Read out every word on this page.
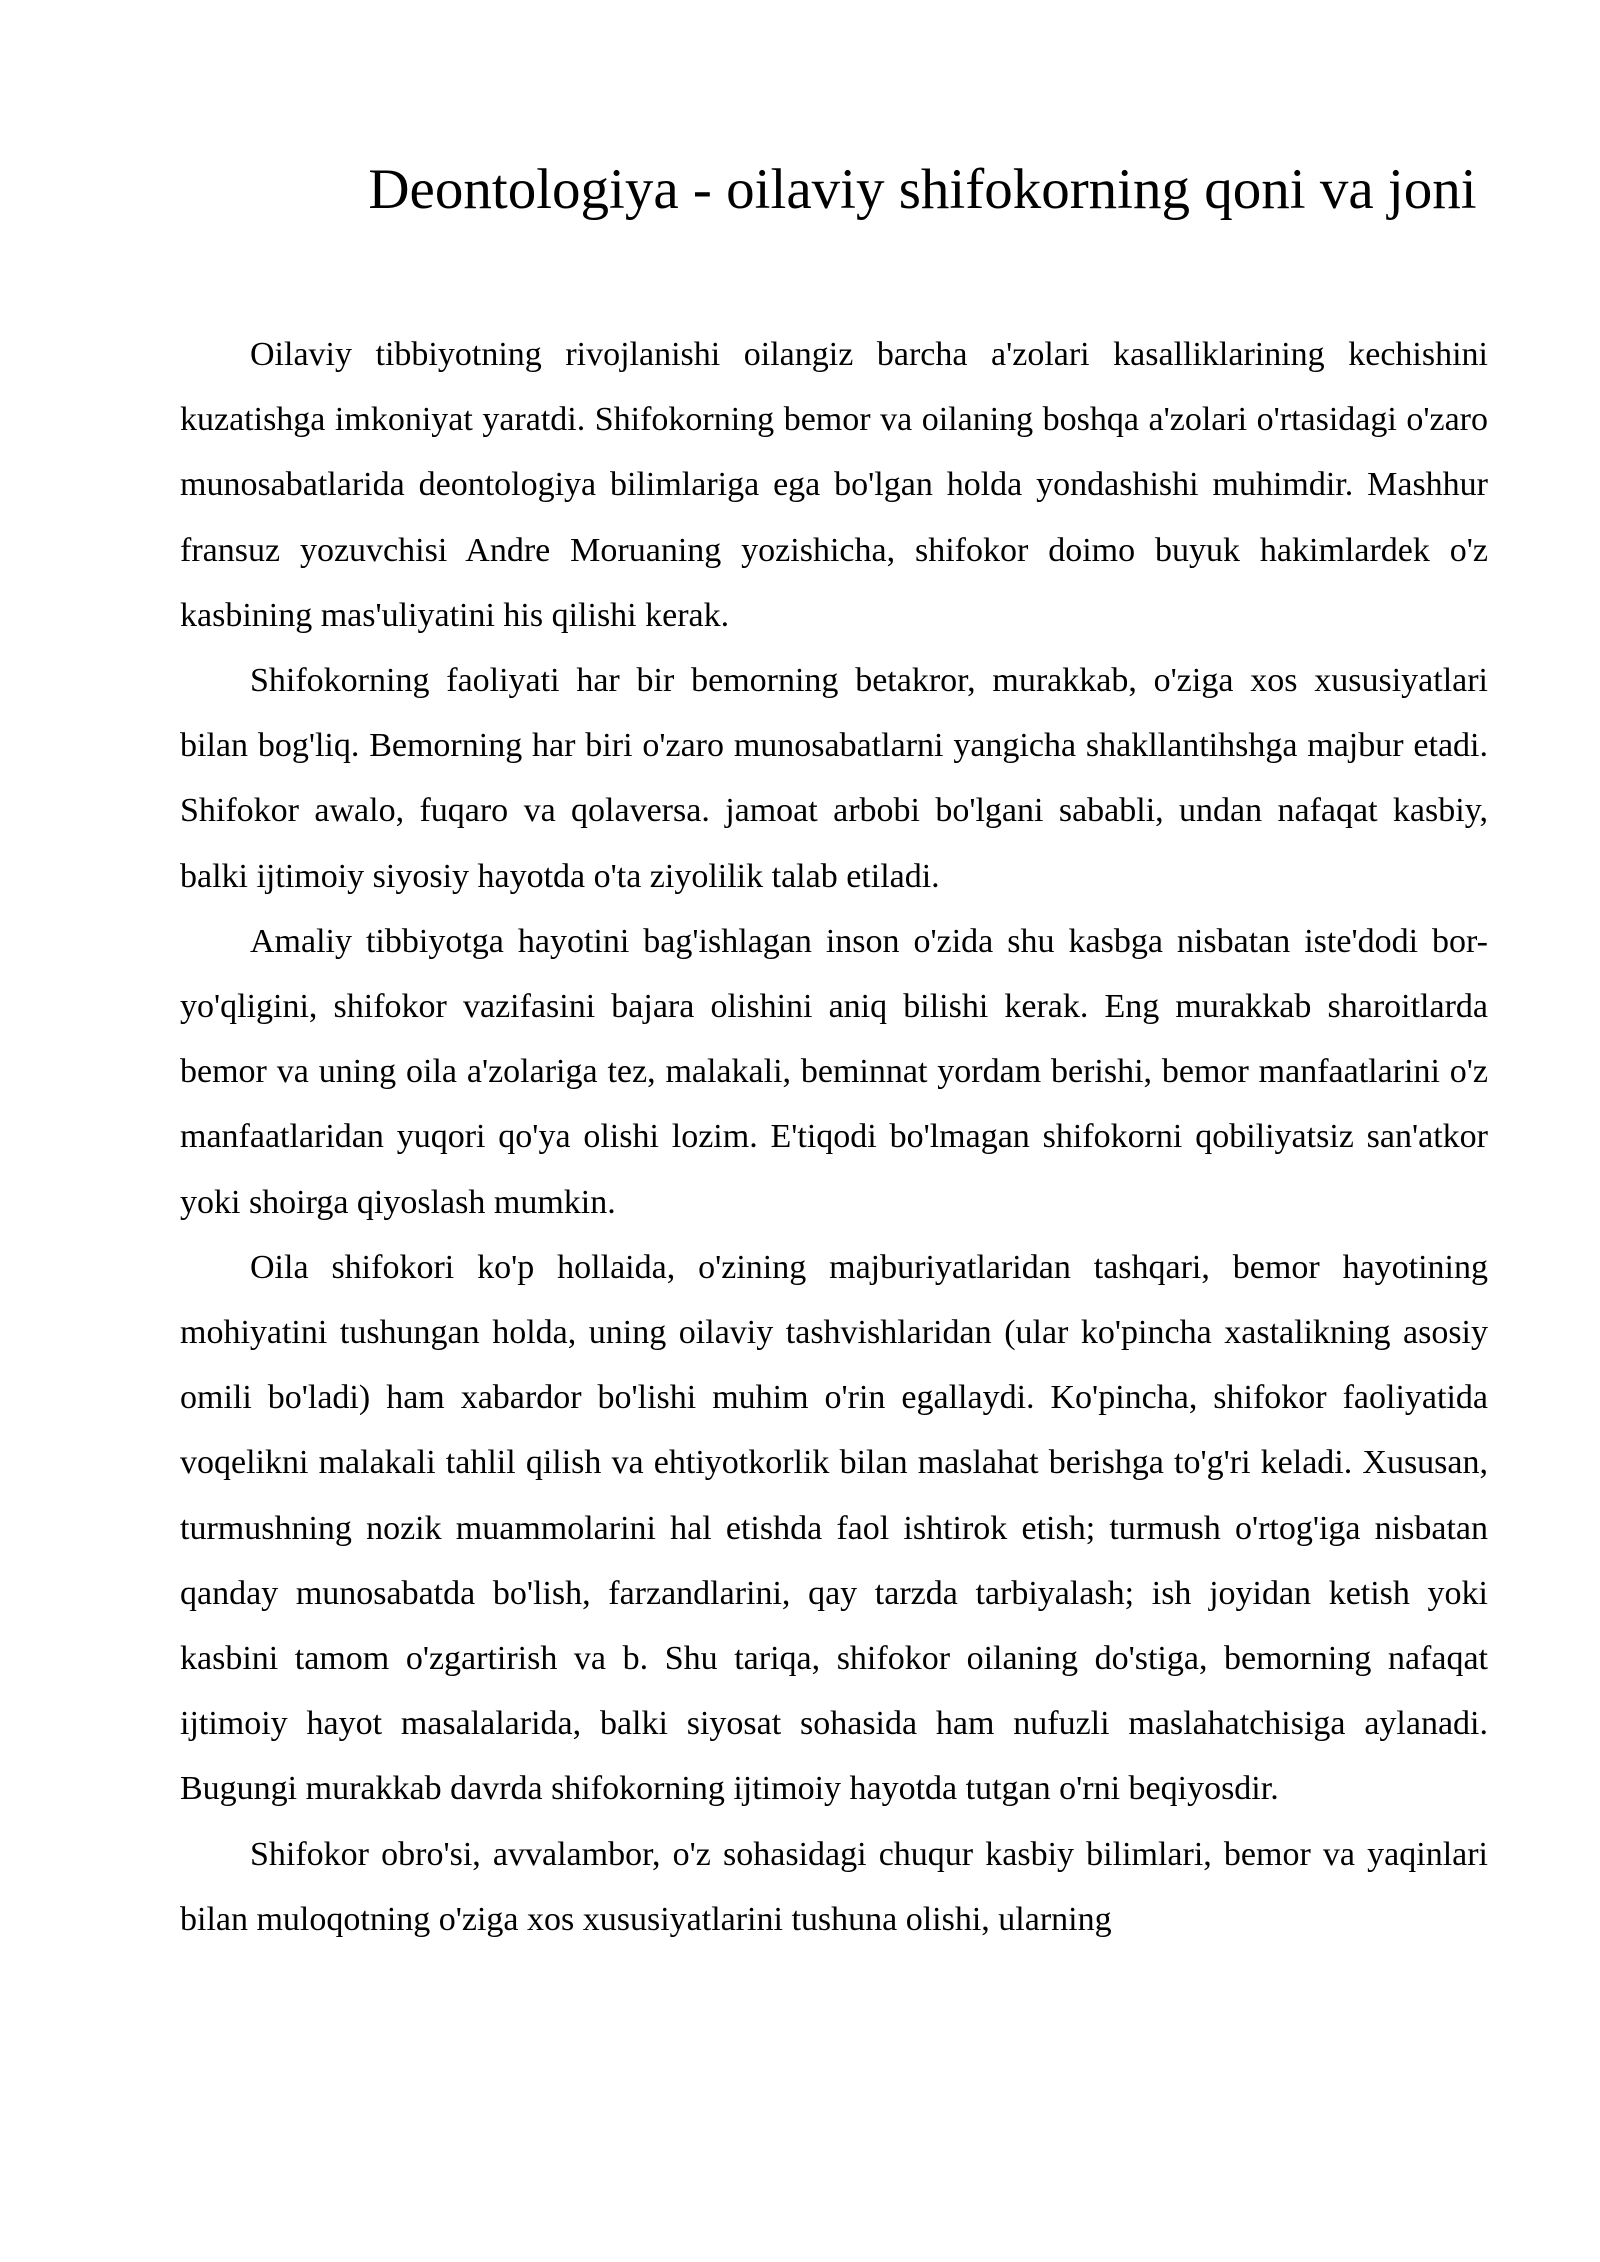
Deontologiya - oilaviy shifokorning qoni va joni

Oilaviy tibbiyotning rivojlanishi oilangiz barcha a'zolari kasalliklarining kechishini kuzatishga imkoniyat yaratdi. Shifokorning bemor va oilaning boshqa a'zolari o'rtasidagi o'zaro munosabatlarida deontologiya bilimlariga ega bo'lgan holda yondashishi muhimdir. Mashhur fransuz yozuvchisi Andre Moruaning yozishicha, shifokor doimo buyuk hakimlardek o'z kasbining mas'uliyatini his qilishi kerak.

Shifokorning faoliyati har bir bemorning betakror, murakkab, o'ziga xos xususiyatlari bilan bog'liq. Bemorning har biri o'zaro munosabatlarni yangicha shakllantihshga majbur etadi. Shifokor awalo, fuqaro va qolaversa. jamoat arbobi bo'lgani sababli, undan nafaqat kasbiy, balki ijtimoiy siyosiy hayotda o'ta ziyolilik talab etiladi.

Amaliy tibbiyotga hayotini bag'ishlagan inson o'zida shu kasbga nisbatan iste'dodi bor-yo'qligini, shifokor vazifasini bajara olishini aniq bilishi kerak. Eng murakkab sharoitlarda bemor va uning oila a'zolariga tez, malakali, beminnat yordam berishi, bemor manfaatlarini o'z manfaatlaridan yuqori qo'ya olishi lozim. E'tiqodi bo'lmagan shifokorni qobiliyatsiz san'atkor yoki shoirga qiyoslash mumkin.

Oila shifokori ko'p hollaida, o'zining majburiyatlaridan tashqari, bemor hayotining mohiyatini tushungan holda, uning oilaviy tashvishlaridan (ular ko'pincha xastalikning asosiy omili bo'ladi) ham xabardor bo'lishi muhim o'rin egallaydi. Ko'pincha, shifokor faoliyatida voqelikni malakali tahlil qilish va ehtiyotkorlik bilan maslahat berishga to'g'ri keladi. Xususan, turmushning nozik muammolarini hal etishda faol ishtirok etish; turmush o'rtog'iga nisbatan qanday munosabatda bo'lish, farzandlarini, qay tarzda tarbiyalash; ish joyidan ketish yoki kasbini tamom o'zgartirish va b. Shu tariqa, shifokor oilaning do'stiga, bemorning nafaqat ijtimoiy hayot masalalarida, balki siyosat sohasida ham nufuzli maslahatchisiga aylanadi. Bugungi murakkab davrda shifokorning ijtimoiy hayotda tutgan o'rni beqiyosdir.

Shifokor obro'si, avvalambor, o'z sohasidagi chuqur kasbiy bilimlari, bemor va yaqinlari bilan muloqotning o'ziga xos xususiyatlarini tushuna olishi, ularning
